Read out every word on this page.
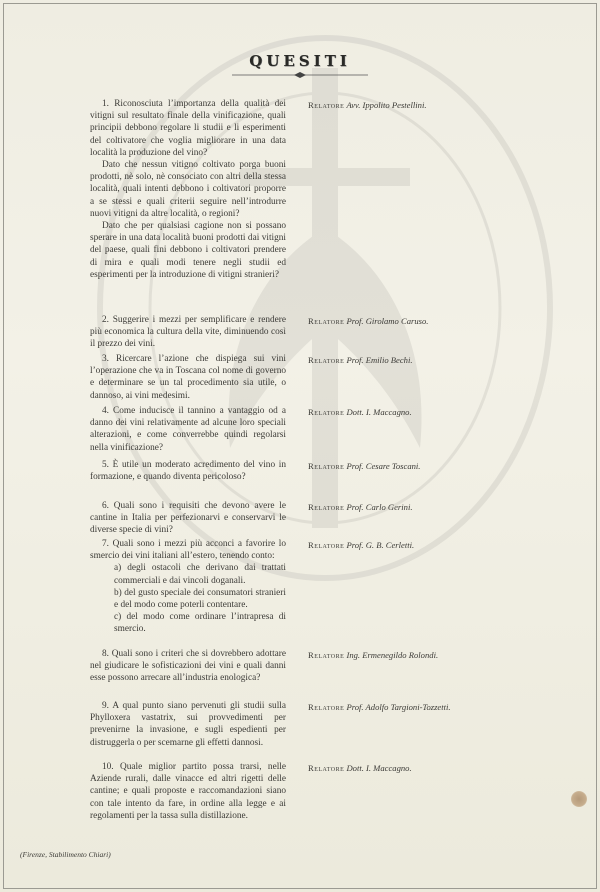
QUESITI

1. Riconosciuta l’importanza della qualità dei vitigni sul resultato finale della vinificazione, quali principii debbono regolare li studii e li esperimenti del coltivatore che voglia migliorare in una data località la produzione del vino?

Dato che nessun vitigno coltivato porga buoni prodotti, nè solo, nè consociato con altri della stessa località, quali intenti debbono i coltivatori proporre a se stessi e quali criterii seguire nell’introdurre nuovi vitigni da altre località, o regioni?

Dato che per qualsiasi cagione non si possano sperare in una data località buoni prodotti dai vitigni del paese, quali fini debbono i coltivatori prendere di mira e quali modi tenere negli studii ed esperimenti per la introduzione di vitigni stranieri?

Relatore Avv. Ippolito Pestellini.

2. Suggerire i mezzi per semplificare e rendere più economica la cultura della vite, diminuendo così il prezzo dei vini.

Relatore Prof. Girolamo Caruso.

3. Ricercare l’azione che dispiega sui vini l’operazione che va in Toscana col nome di governo e determinare se un tal procedimento sia utile, o dannoso, ai vini medesimi.

Relatore Prof. Emilio Bechi.

4. Come inducisce il tannino a vantaggio od a danno dei vini relativamente ad alcune loro speciali alterazioni, e come converrebbe quindi regolarsi nella vinificazione?

Relatore Dott. I. Maccagno.

5. È utile un moderato acredimento del vino in formazione, e quando diventa pericoloso?

Relatore Prof. Cesare Toscani.

6. Quali sono i requisiti che devono avere le cantine in Italia per perfezionarvi e conservarvi le diverse specie di vini?

Relatore Prof. Carlo Gerini.

7. Quali sono i mezzi più acconci a favorire lo smercio dei vini italiani all’estero, tenendo conto:

a) degli ostacoli che derivano dai trattati commerciali e dai vincoli doganali.

b) del gusto speciale dei consumatori stranieri e del modo come poterli contentare.

c) del modo come ordinare l’intrapresa di smercio.

Relatore Prof. G. B. Cerletti.

8. Quali sono i criteri che si dovrebbero adottare nel giudicare le sofisticazioni dei vini e quali danni esse possono arrecare all’industria enologica?

Relatore Ing. Ermenegildo Rolondi.

9. A qual punto siano pervenuti gli studii sulla Phylloxera vastatrix, sui provvedimenti per prevenirne la invasione, e sugli espedienti per distruggerla o per scemarne gli effetti dannosi.

Relatore Prof. Adolfo Targioni-Tozzetti.

10. Quale miglior partito possa trarsi, nelle Aziende rurali, dalle vinacce ed altri rigetti delle cantine; e quali proposte e raccomandazioni siano con tale intento da fare, in ordine alla legge e ai regolamenti per la tassa sulla distillazione.

Relatore Dott. I. Maccagno.
(Firenze, Stabilimento Chiari)
